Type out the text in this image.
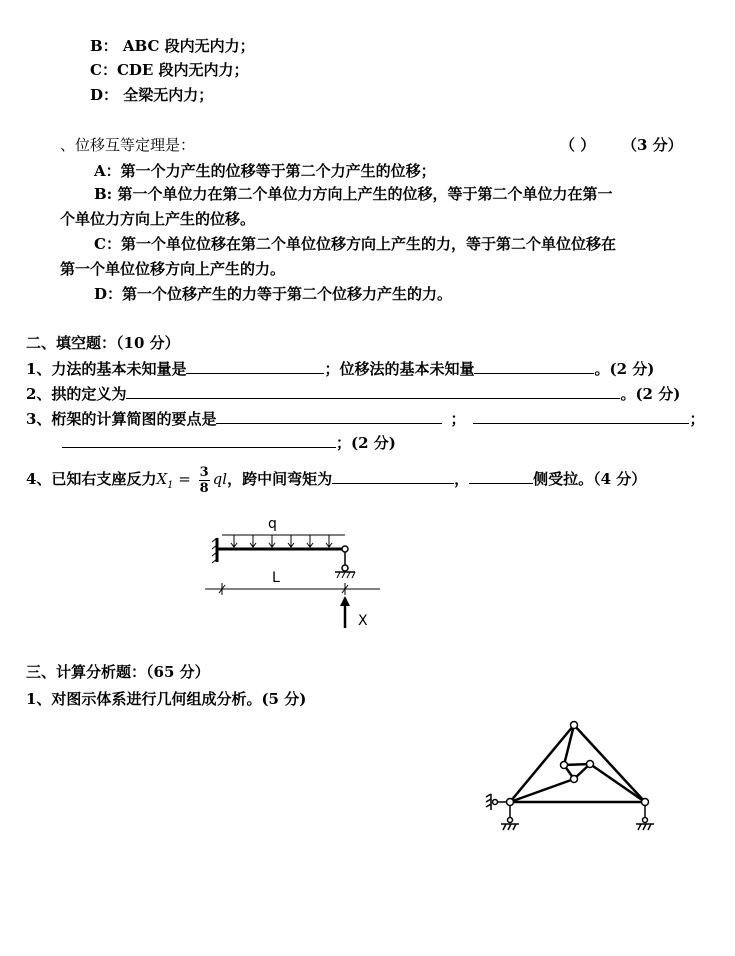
B： ABC 段内无内力；
C：CDE 段内无内力；
D： 全梁无内力；
、位移互等定理是：	（ ） （3 分）
A：第一个力产生的位移等于第二个力产生的位移；
B: 第一个单位力在第二个单位力方向上产生的位移，等于第二个单位力在第一
个单位力方向上产生的位移。
C：第一个单位位移在第二个单位位移方向上产生的力，等于第二个单位位移在
第一个单位位移方向上产生的力。
D：第一个位移产生的力等于第二个位移力产生的力。
二、填空题：（10 分）
1、力法的基本未知量是	；位移法的基本未知量	。(2 分)
2、拱的定义为	。(2 分)
3、桁架的计算简图的要点是	；	；
；(2 分)
4、已知右支座反力$X_1 = \frac{3}{8}$ ql，跨中间弯矩为	，	侧受拉。（4 分）
q
L
X
三、计算分析题：（65 分）
1、对图示体系进行几何组成分析。(5 分)
